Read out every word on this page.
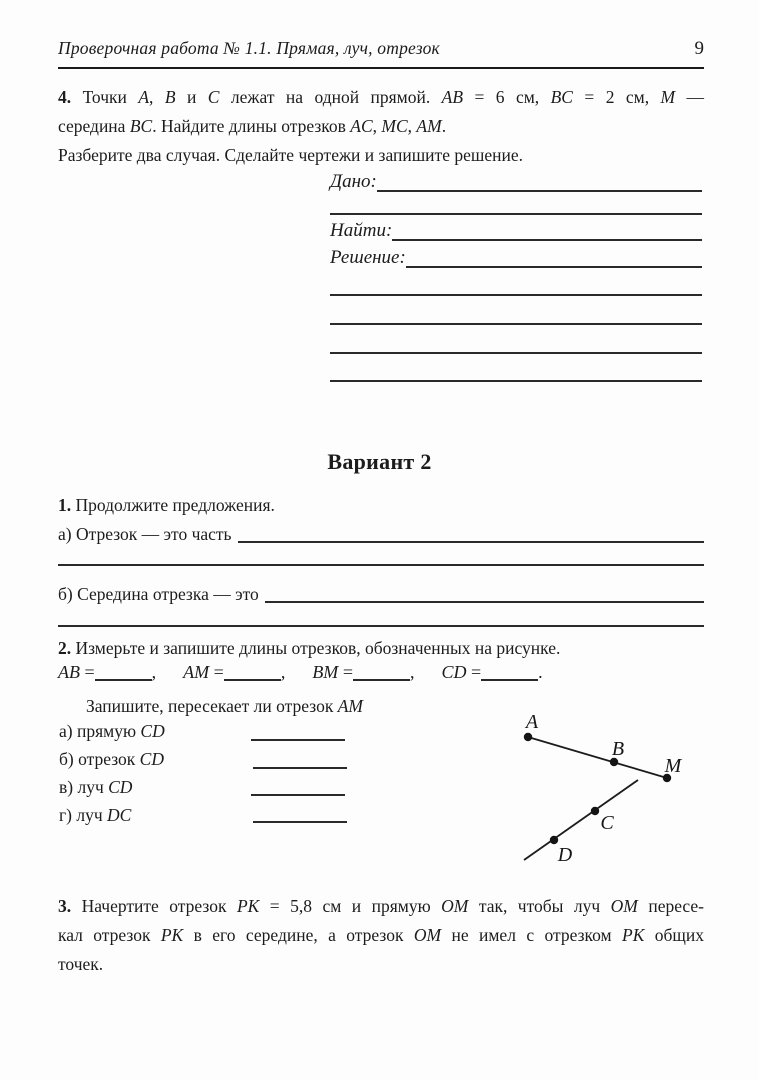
Проверочная работа № 1.1. Прямая, луч, отрезок	9
4. Точки A, B и C лежат на одной прямой. AB = 6 см, BC = 2 см, M —
середина BC. Найдите длины отрезков AC, MC, AM.
Разберите два случая. Сделайте чертежи и запишите решение.
Дано:
Найти:
Решение:
Вариант 2
1. Продолжите предложения.
а) Отрезок — это часть
б) Середина отрезка — это
2. Измерьте и запишите длины отрезков, обозначенных на рисунке.
AB =	, AM =	, BM =	, CD =	.
Запишите, пересекает ли отрезок AM
а) прямую CD
б) отрезок CD
в) луч CD
г) луч DC
A
B
M
C
D
3. Начертите отрезок PK = 5,8 см и прямую OM так, чтобы луч OM пересе-
кал отрезок PK в его середине, а отрезок OM не имел с отрезком PK общих
точек.
